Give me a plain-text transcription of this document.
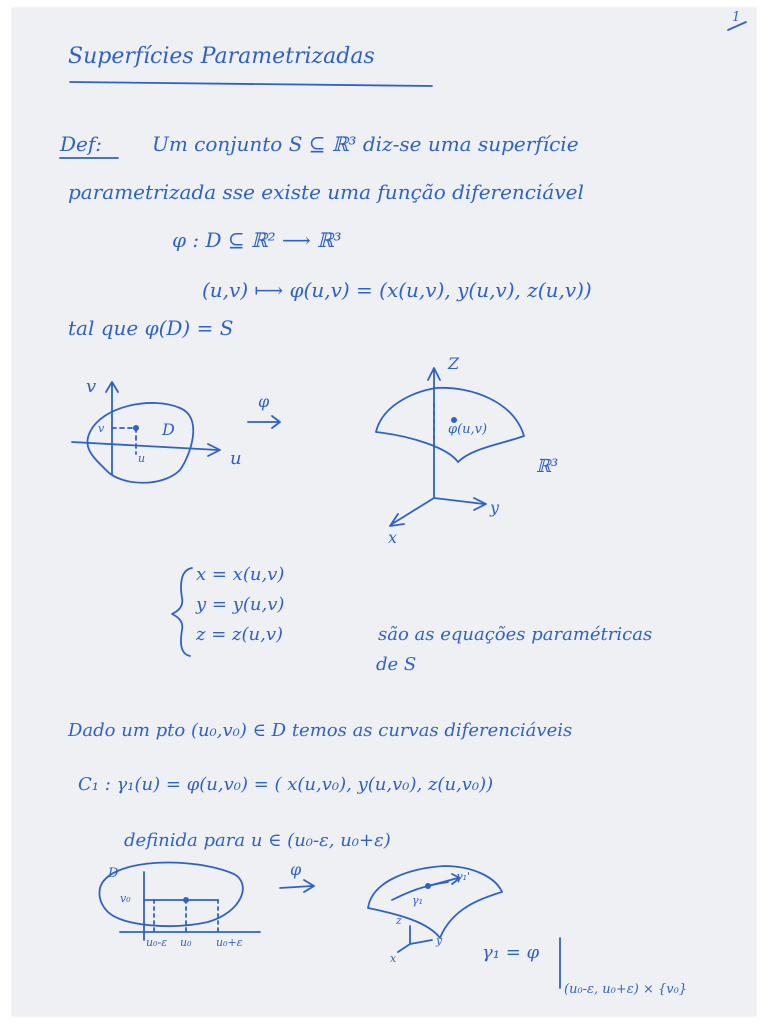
1
Superfícies Parametrizadas
Def: Um conjunto S ⊆ ℝ³ diz-se uma superfície
parametrizada sse existe uma função diferenciável
φ : D ⊆ ℝ² ⟶ ℝ³
(u,v) ⟼ φ(u,v) = (x(u,v), y(u,v), z(u,v))
tal que φ(D) = S
v
u
D
v
u
φ
Z
y
x
φ(u,v)
ℝ³
x = x(u,v)
y = y(u,v)
z = z(u,v)	são as equações paramétricas
de S
Dado um pto (u₀,v₀) ∈ D temos as curvas diferenciáveis
C₁ : γ₁(u) = φ(u,v₀) = ( x(u,v₀), y(u,v₀), z(u,v₀))
definida para u ∈ (u₀-ε, u₀+ε)
D
v₀
u₀-ε u₀ u₀+ε
φ
γ₁
γ₁'
z
y
x	γ₁ = φ
(u₀-ε, u₀+ε) × {v₀}
